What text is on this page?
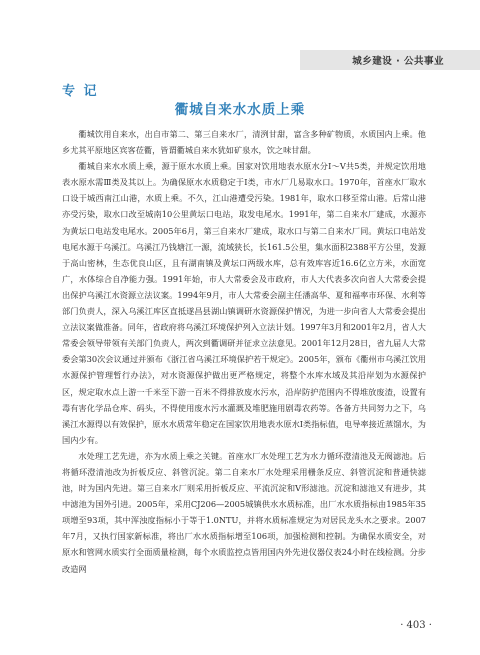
城乡建设 · 公共事业
专 记
衢城自来水水质上乘

衢城饮用自来水，出自市第二、第三自来水厂，清洌甘甜，富含多种矿物质，水质国内上乘。他乡尤其平原地区宾客莅衢，皆谓衢城自来水犹如矿泉水，饮之味甘甜。

衢城自来水水质上乘，源于原水水质上乘。国家对饮用地表水原水分Ⅰ～Ⅴ共5类，并规定饮用地表水原水需Ⅲ类及其以上。为确保原水水质稳定于Ⅰ类，市水厂几易取水口。1970年，首座水厂取水口设于城西南江山港，水质上乘。不久，江山港遭受污染。1981年，取水口移至常山港。后常山港亦受污染，取水口改至城南10公里黄坛口电站，取发电尾水。1991年，第二自来水厂建成，水源亦为黄坛口电站发电尾水。2005年6月，第三自来水厂建成，取水口与第二自来水厂同。黄坛口电站发电尾水源于乌溪江。乌溪江乃钱塘江一源，流域狭长，长161.5公里，集水面积2388平方公里，发源于高山密林，生态优良山区，且有湖南镇及黄坛口两级水库，总有效库容近16.6亿立方米，水面宽广，水体综合自净能力强。1991年始，市人大常委会及市政府，市人大代表多次向省人大常委会提出保护乌溪江水资源立法议案。1994年9月，市人大常委会副主任潘高华、夏和福率市环保、水利等部门负责人，深入乌溪江库区直抵遂昌县湖山镇调研水资源保护情况，为进一步向省人大常委会提出立法议案做准备。同年，省政府将乌溪江环境保护列入立法计划。1997年3月和2001年2月，省人大常委会领导带领有关部门负责人，两次到衢调研并征求立法意见。2001年12月28日，省九届人大常委会第30次会议通过并颁布《浙江省乌溪江环境保护若干规定》。2005年，颁布《衢州市乌溪江饮用水源保护管理暂行办法》，对水资源保护做出更严格规定，将整个水库水域及其沿岸划为水源保护区，规定取水点上游一千米至下游一百米不得排放废水污水，沿岸防护范围内不得堆放废渣，设置有毒有害化学品仓库、码头，不得使用废水污水灌溉及堆肥施用剧毒农药等。各备方共同努力之下，乌溪江水源得以有效保护，原水水质常年稳定在国家饮用地表水原水Ⅰ类指标值，电导率接近蒸馏水，为国内少有。

水处理工艺先进，亦为水质上乘之关键。首座水厂水处理工艺为水力循环澄清池及无阀滤池。后将循环澄清池改为折板反应、斜管沉淀。第二自来水厂水处理采用栅条反应、斜管沉淀和普通快滤池，时为国内先进。第三自来水厂则采用折板反应、平流沉淀和V形滤池。沉淀和滤池又有进步，其中滤池为国外引进。2005年，采用CJ206—2005城镇供水水质标准，出厂水水质指标由1985年35项增至93项，其中浑浊度指标小于等于1.0NTU，并将水质标准规定为对居民龙头水之要求。2007年7月，又执行国家新标准，将出厂水水质指标增至106项，加强检测和控制。为确保水质安全，对原水和管网水质实行全面质量检测，每个水质监控点皆用国内外先进仪器仪表24小时在线检测。分步改造网

· 403 ·
